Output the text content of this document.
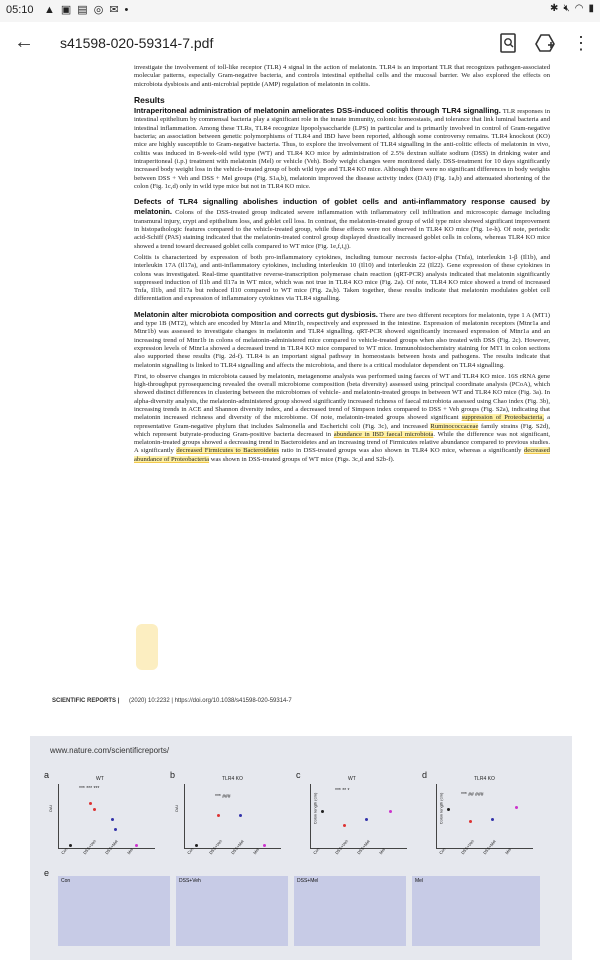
05:10 ▲ ▣ ▤ ◎ ✉ •	✱ 🔇︎ ◠ ▮
← s41598-020-59314-7.pdf	⋮

investigate the involvement of toll-like receptor (TLR) 4 signal in the action of melatonin. TLR4 is an important TLR that recognizes pathogen-associated molecular patterns, especially Gram-negative bacteria, and controls intestinal epithelial cells and the mucosal barrier. We also explored the effects on microbiota dysbiosis and anti-microbial peptide (AMP) regulation of melatonin in colitis.

Results

Intraperitoneal administration of melatonin ameliorates DSS-induced colitis through TLR4 signalling. TLR responses in intestinal epithelium by commensal bacteria play a significant role in the innate immunity, colonic homeostasis, and tolerance that link luminal bacteria and intestinal inflammation. Among these TLRs, TLR4 recognize lipopolysaccharide (LPS) in particular and is primarily involved in control of Gram-negative bacteria; an association between genetic polymorphisms of TLR4 and IBD have been reported, although some controversy remains. TLR4 knockout (KO) mice are highly susceptible to Gram-negative bacteria. Thus, to explore the involvement of TLR4 signalling in the anti-colitic effects of melatonin in vivo, colitis was induced in 8-week-old wild type (WT) and TLR4 KO mice by administration of 2.5% dextran sulfate sodium (DSS) in drinking water and intraperitoneal (i.p.) treatment with melatonin (Mel) or vehicle (Veh). Body weight changes were monitored daily. DSS-treatment for 10 days significantly increased body weight loss in the vehicle-treated group of both wild type and TLR4 KO mice. Although there were no significant differences in body weights between DSS + Veh and DSS + Mel groups (Fig. S1a,b), melatonin improved the disease activity index (DAI) (Fig. 1a,b) and attenuated shortening of the colon (Fig. 1c,d) only in wild type mice but not in TLR4 KO mice.

Defects of TLR4 signalling abolishes induction of goblet cells and anti-inflammatory response caused by melatonin. Colons of the DSS-treated group indicated severe inflammation with inflammatory cell infiltration and microscopic damage including transmural injury, crypt and epithelium loss, and goblet cell loss. In contrast, the melatonin-treated group of wild type mice showed significant improvement in histopathologic features compared to the vehicle-treated group, while these effects were not observed in TLR4 KO mice (Fig. 1e-h). Of note, periodic acid-Schiff (PAS) staining indicated that the melatonin-treated control group displayed drastically increased goblet cells in colons, whereas TLR4 KO mice showed a trend toward decreased goblet cells compared to WT mice (Fig. 1e,f,i,j).

Colitis is characterized by expression of both pro-inflammatory cytokines, including tumour necrosis factor-alpha (Tnfa), interleukin 1-β (Il1b), and interleukin 17A (Il17a), and anti-inflammatory cytokines, including interleukin 10 (Il10) and interleukin 22 (Il22). Gene expression of these cytokines in colons was investigated. Real-time quantitative reverse-transcription polymerase chain reaction (qRT-PCR) analysis indicated that melatonin significantly suppressed induction of Il1b and Il17a in WT mice, which was not true in TLR4 KO mice (Fig. 2a). Of note, TLR4 KO mice showed a trend of increased Tnfa, Il1b, and Il17a but reduced Il10 compared to WT mice (Fig. 2a,b). Taken together, these results indicate that melatonin modulates goblet cell differentiation and expression of inflammatory cytokines via TLR4 signalling.

Melatonin alter microbiota composition and corrects gut dysbiosis. There are two different receptors for melatonin, type 1 A (MT1) and type 1B (MT2), which are encoded by Mtnr1a and Mtnr1b, respectively and expressed in the intestine. Expression of melatonin receptors (Mtnr1a and Mtnr1b) was assessed to investigate changes in melatonin and TLR4 signalling. qRT-PCR showed significantly increased expression of Mtnr1a and an increasing trend of Mtnr1b in colons of melatonin-administered mice compared to vehicle-treated groups when also treated with DSS (Fig. 2c). However, expression levels of Mtnr1a showed a decreased trend in TLR4 KO mice compared to WT mice. Immunohistochemistry staining for MT1 in colon sections also supported these results (Fig. 2d-f). TLR4 is an important signal pathway in homeostasis between hosts and pathogens. The results indicate that melatonin signalling is linked to TLR4 signalling and affects the microbiota, and there is a critical modulator dependent on TLR4 signalling.

First, to observe changes in microbiota caused by melatonin, metagenome analysis was performed using faeces of WT and TLR4 KO mice. 16S rRNA gene high-throughput pyrosequencing revealed the overall microbiome composition (beta diversity) assessed using principal coordinate analysis (PCoA), which showed distinct differences in clustering between the microbiomes of vehicle- and melatonin-treated groups in between WT and TLR4 KO mice (Fig. 3a). In alpha-diversity analysis, the melatonin-administered group showed significantly increased richness of faecal microbiota assessed using Chao index (Fig. 3b), increasing trends in ACE and Shannon diversity index, and a decreased trend of Simpson index compared to DSS + Veh groups (Fig. S2a), indicating that melatonin increased richness and diversity of the microbiome. Of note, melatonin-treated groups showed significant suppression of Proteobacteria, a representative Gram-negative phylum that includes Salmonella and Escherichi coli (Fig. 3c), and increased Ruminococcaceae family strains (Fig. S2d), which represent butyrate-producing Gram-positive bacteria decreased in abundance in IBD faecal microbiota. While the difference was not significant, melatonin-treated groups showed a decreasing trend in Bacteroidetes and an increasing trend of Firmicutes relative abundance compared to previous studies. A significantly decreased Firmicutes to Bacteroidetes ratio in DSS-treated groups was also shown in TLR4 KO mice, whereas a significantly decreased abundance of Proteobacteria was shown in DSS-treated groups of WT mice (Figs. 3c,d and S2b-f).

SCIENTIFIC REPORTS | (2020) 10:2232 | https://doi.org/10.1038/s41598-020-59314-7
www.nature.com/scientificreports/
a	WT
DAI
*** *** ***
Con	DSS+Veh DSS+Mel Mel
b	TLR4 KO
DAI
*** ###
Con	DSS+Veh DSS+Mel Mel
c	WT
Colon length (cm)
*** ** *
Con	DSS+Veh DSS+Mel Mel
d	TLR4 KO
Colon length (cm)	*** ## ###
Con	DSS+Veh DSS+Mel Mel
e
Con	DSS+Veh	DSS+Mel	Mel
